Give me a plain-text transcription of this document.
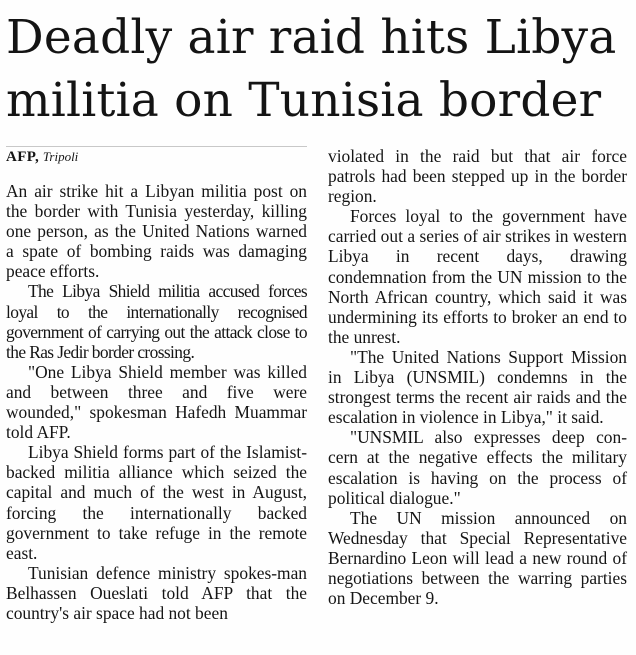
Deadly air raid hits Libya
militia on Tunisia border
AFP, Tripoli

An air strike hit a Libyan militia post on the border with Tunisia yesterday, killing one person, as the United Nations warned a spate of bombing raids was damaging peace efforts.

The Libya Shield militia accused forces loyal to the internationally recognised government of carrying out the attack close to the Ras Jedir border crossing.

"One Libya Shield member was killed and between three and five were wounded," spokesman Hafedh Muammar told AFP.

Libya Shield forms part of the Islamist-backed militia alliance which seized the capital and much of the west in August, forcing the internationally backed government to take refuge in the remote east.

Tunisian defence ministry spokes-man Belhassen Oueslati told AFP that the country's air space had not been

violated in the raid but that air force patrols had been stepped up in the border region.

Forces loyal to the government have carried out a series of air strikes in western Libya in recent days, drawing condemnation from the UN mission to the North African country, which said it was undermining its efforts to broker an end to the unrest.

"The United Nations Support Mission in Libya (UNSMIL) condemns in the strongest terms the recent air raids and the escalation in violence in Libya," it said.

"UNSMIL also expresses deep con-cern at the negative effects the military escalation is having on the process of political dialogue."

The UN mission announced on Wednesday that Special Representative Bernardino Leon will lead a new round of negotiations between the warring parties on December 9.
